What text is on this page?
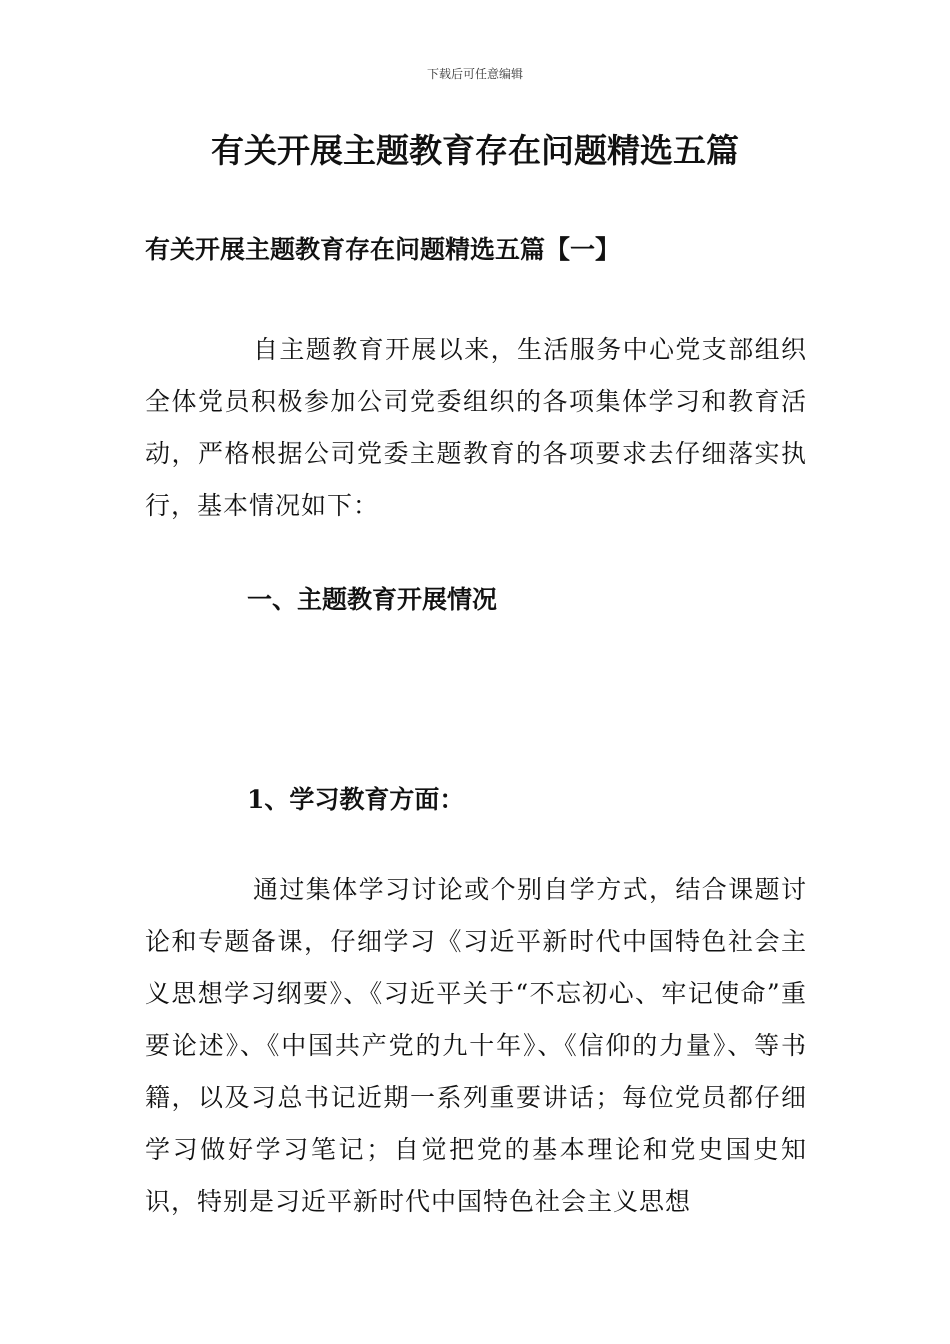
下载后可任意编辑
有关开展主题教育存在问题精选五篇
有关开展主题教育存在问题精选五篇【一】

自主题教育开展以来，生活服务中心党支部组织全体党员积极参加公司党委组织的各项集体学习和教育活动，严格根据公司党委主题教育的各项要求去仔细落实执行，基本情况如下：

一、主题教育开展情况
1、学习教育方面：

通过集体学习讨论或个别自学方式，结合课题讨论和专题备课，仔细学习《习近平新时代中国特色社会主义思想学习纲要》、《习近平关于“不忘初心、牢记使命”重要论述》、《中国共产党的九十年》、《信仰的力量》、等书籍，以及习总书记近期一系列重要讲话；每位党员都仔细学习做好学习笔记；自觉把党的基本理论和党史国史知识，特别是习近平新时代中国特色社会主义思想
